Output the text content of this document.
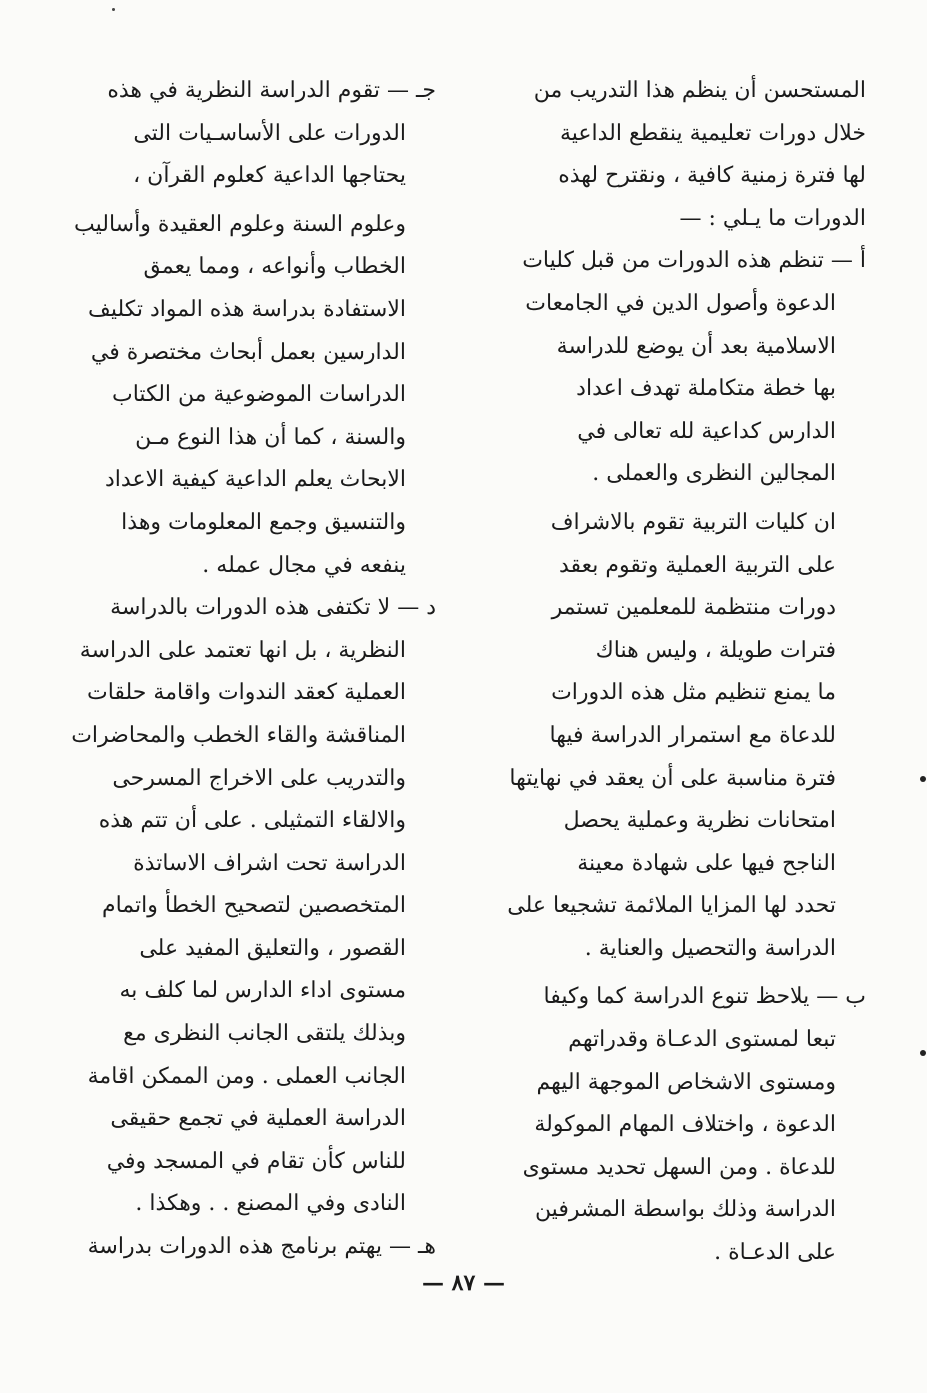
المستحسن أن ينظم هذا التدريب من
خلال دورات تعليمية ينقطع الداعية
لها فترة زمنية كافية ، ونقترح لهذه
الدورات ما يـلي : —
أ — تنظم هذه الدورات من قبل كليات
الدعوة وأصول الدين في الجامعات
الاسلامية بعد أن يوضع للدراسة
بها خطة متكاملة تهدف اعداد
الدارس كداعية لله تعالى في
المجالين النظرى والعملى .
ان كليات التربية تقوم بالاشراف
على التربية العملية وتقوم بعقد
دورات منتظمة للمعلمين تستمر
فترات طويلة ، وليس هناك
ما يمنع تنظيم مثل هذه الدورات
للدعاة مع استمرار الدراسة فيها
فترة مناسبة على أن يعقد في نهايتها
امتحانات نظرية وعملية يحصل
الناجح فيها على شهادة معينة
تحدد لها المزايا الملائمة تشجيعا على
الدراسة والتحصيل والعناية .
ب — يلاحظ تنوع الدراسة كما وكيفا
تبعا لمستوى الدعـاة وقدراتهم
ومستوى الاشخاص الموجهة اليهم
الدعوة ، واختلاف المهام الموكولة
للدعاة . ومن السهل تحديد مستوى
الدراسة وذلك بواسطة المشرفين
على الدعـاة .
جـ — تقوم الدراسة النظرية في هذه
الدورات على الأساسـيات التى
يحتاجها الداعية كعلوم القرآن ،
وعلوم السنة وعلوم العقيدة وأساليب
الخطاب وأنواعه ، ومما يعمق
الاستفادة بدراسة هذه المواد تكليف
الدارسين بعمل أبحاث مختصرة في
الدراسات الموضوعية من الكتاب
والسنة ، كما أن هذا النوع مـن
الابحاث يعلم الداعية كيفية الاعداد
والتنسيق وجمع المعلومات وهذا
ينفعه في مجال عمله .
د — لا تكتفى هذه الدورات بالدراسة
النظرية ، بل انها تعتمد على الدراسة
العملية كعقد الندوات واقامة حلقات
المناقشة والقاء الخطب والمحاضرات
والتدريب على الاخراج المسرحى
والالقاء التمثيلى . على أن تتم هذه
الدراسة تحت اشراف الاساتذة
المتخصصين لتصحيح الخطأ واتمام
القصور ، والتعليق المفيد على
مستوى اداء الدارس لما كلف به
وبذلك يلتقى الجانب النظرى مع
الجانب العملى . ومن الممكن اقامة
الدراسة العملية في تجمع حقيقى
للناس كأن تقام في المسجد وفي
النادى وفي المصنع . . وهكذا .
هـ — يهتم برنامج هذه الدورات بدراسة
— ٨٧ —
